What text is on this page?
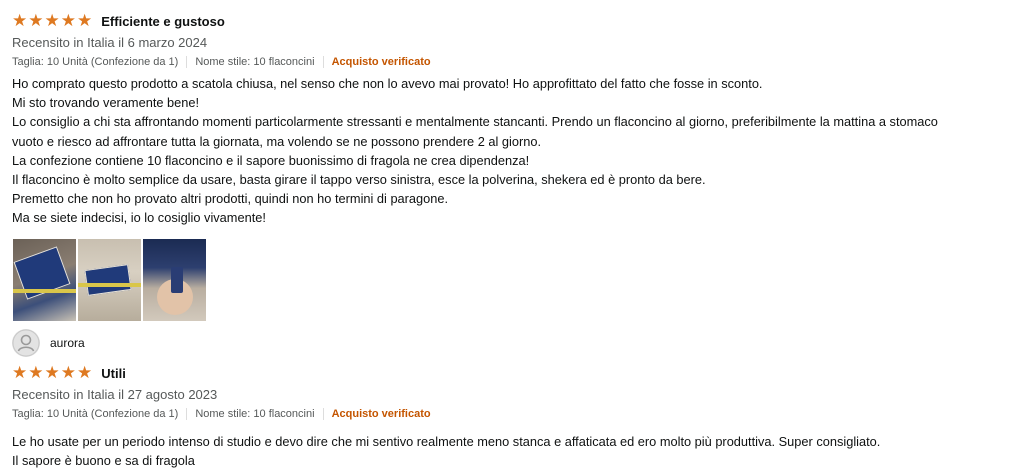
★ ★ ★ ★ ★ Efficiente e gustoso
Recensito in Italia il 6 marzo 2024
Taglia: 10 Unità (Confezione da 1) Nome stile: 10 flaconcini Acquisto verificato

Ho comprato questo prodotto a scatola chiusa, nel senso che non lo avevo mai provato! Ho approfittato del fatto che fosse in sconto.

Mi sto trovando veramente bene!

Lo consiglio a chi sta affrontando momenti particolarmente stressanti e mentalmente stancanti. Prendo un flaconcino al giorno, preferibilmente la mattina a stomaco

vuoto e riesco ad affrontare tutta la giornata, ma volendo se ne possono prendere 2 al giorno.

La confezione contiene 10 flaconcino e il sapore buonissimo di fragola ne crea dipendenza!

Il flaconcino è molto semplice da usare, basta girare il tappo verso sinistra, esce la polverina, shekera ed è pronto da bere.

Premetto che non ho provato altri prodotti, quindi non ho termini di paragone.

Ma se siete indecisi, io lo cosiglio vivamente!

aurora
★ ★ ★ ★ ★ Utili
Recensito in Italia il 27 agosto 2023
Taglia: 10 Unità (Confezione da 1) Nome stile: 10 flaconcini Acquisto verificato

Le ho usate per un periodo intenso di studio e devo dire che mi sentivo realmente meno stanca e affaticata ed ero molto più produttiva. Super consigliato.

Il sapore è buono e sa di fragola
